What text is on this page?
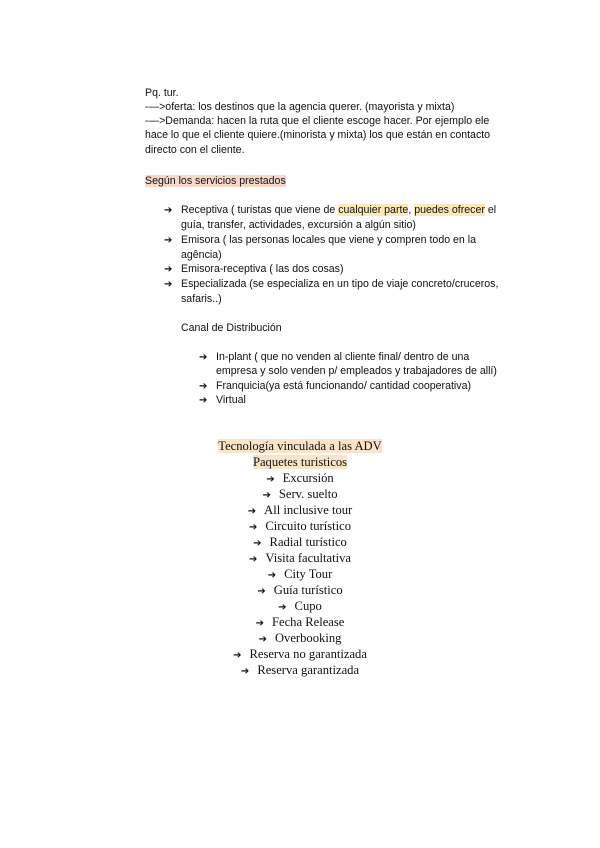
Pq. tur.
-—>oferta: los destinos que la agencia querer. (mayorista y mixta)
-—>Demanda: hacen la ruta que el cliente escoge hacer. Por ejemplo ele
hace lo que el cliente quiere.(minorista y mixta) los que están en contacto
directo con el cliente.
Según los servicios prestados
➔ Receptiva ( turistas que viene de cualquier parte, puedes ofrecer el
guía, transfer, actividades, excursión a algún sitio)
➔ Emisora ( las personas locales que viene y compren todo en la
agência)
➔ Emisora-receptiva ( las dos cosas)
➔ Especializada (se especializa en un tipo de viaje concreto/cruceros,
safaris..)
Canal de Distribución
➔ In-plant ( que no venden al cliente final/ dentro de una
empresa y solo venden p/ empleados y trabajadores de allí)
➔ Franquicia(ya está funcionando/ cantidad cooperativa)
➔ Virtual
Tecnología vinculada a las ADV
Paquetes turisticos
➔ Excursión
➔ Serv. suelto
➔ All inclusive tour
➔ Circuito turístico
➔ Radial turístico
➔ Visita facultativa
➔ City Tour
➔ Guía turístico
➔ Cupo
➔ Fecha Release
➔ Overbooking
➔ Reserva no garantizada
➔ Reserva garantizada
